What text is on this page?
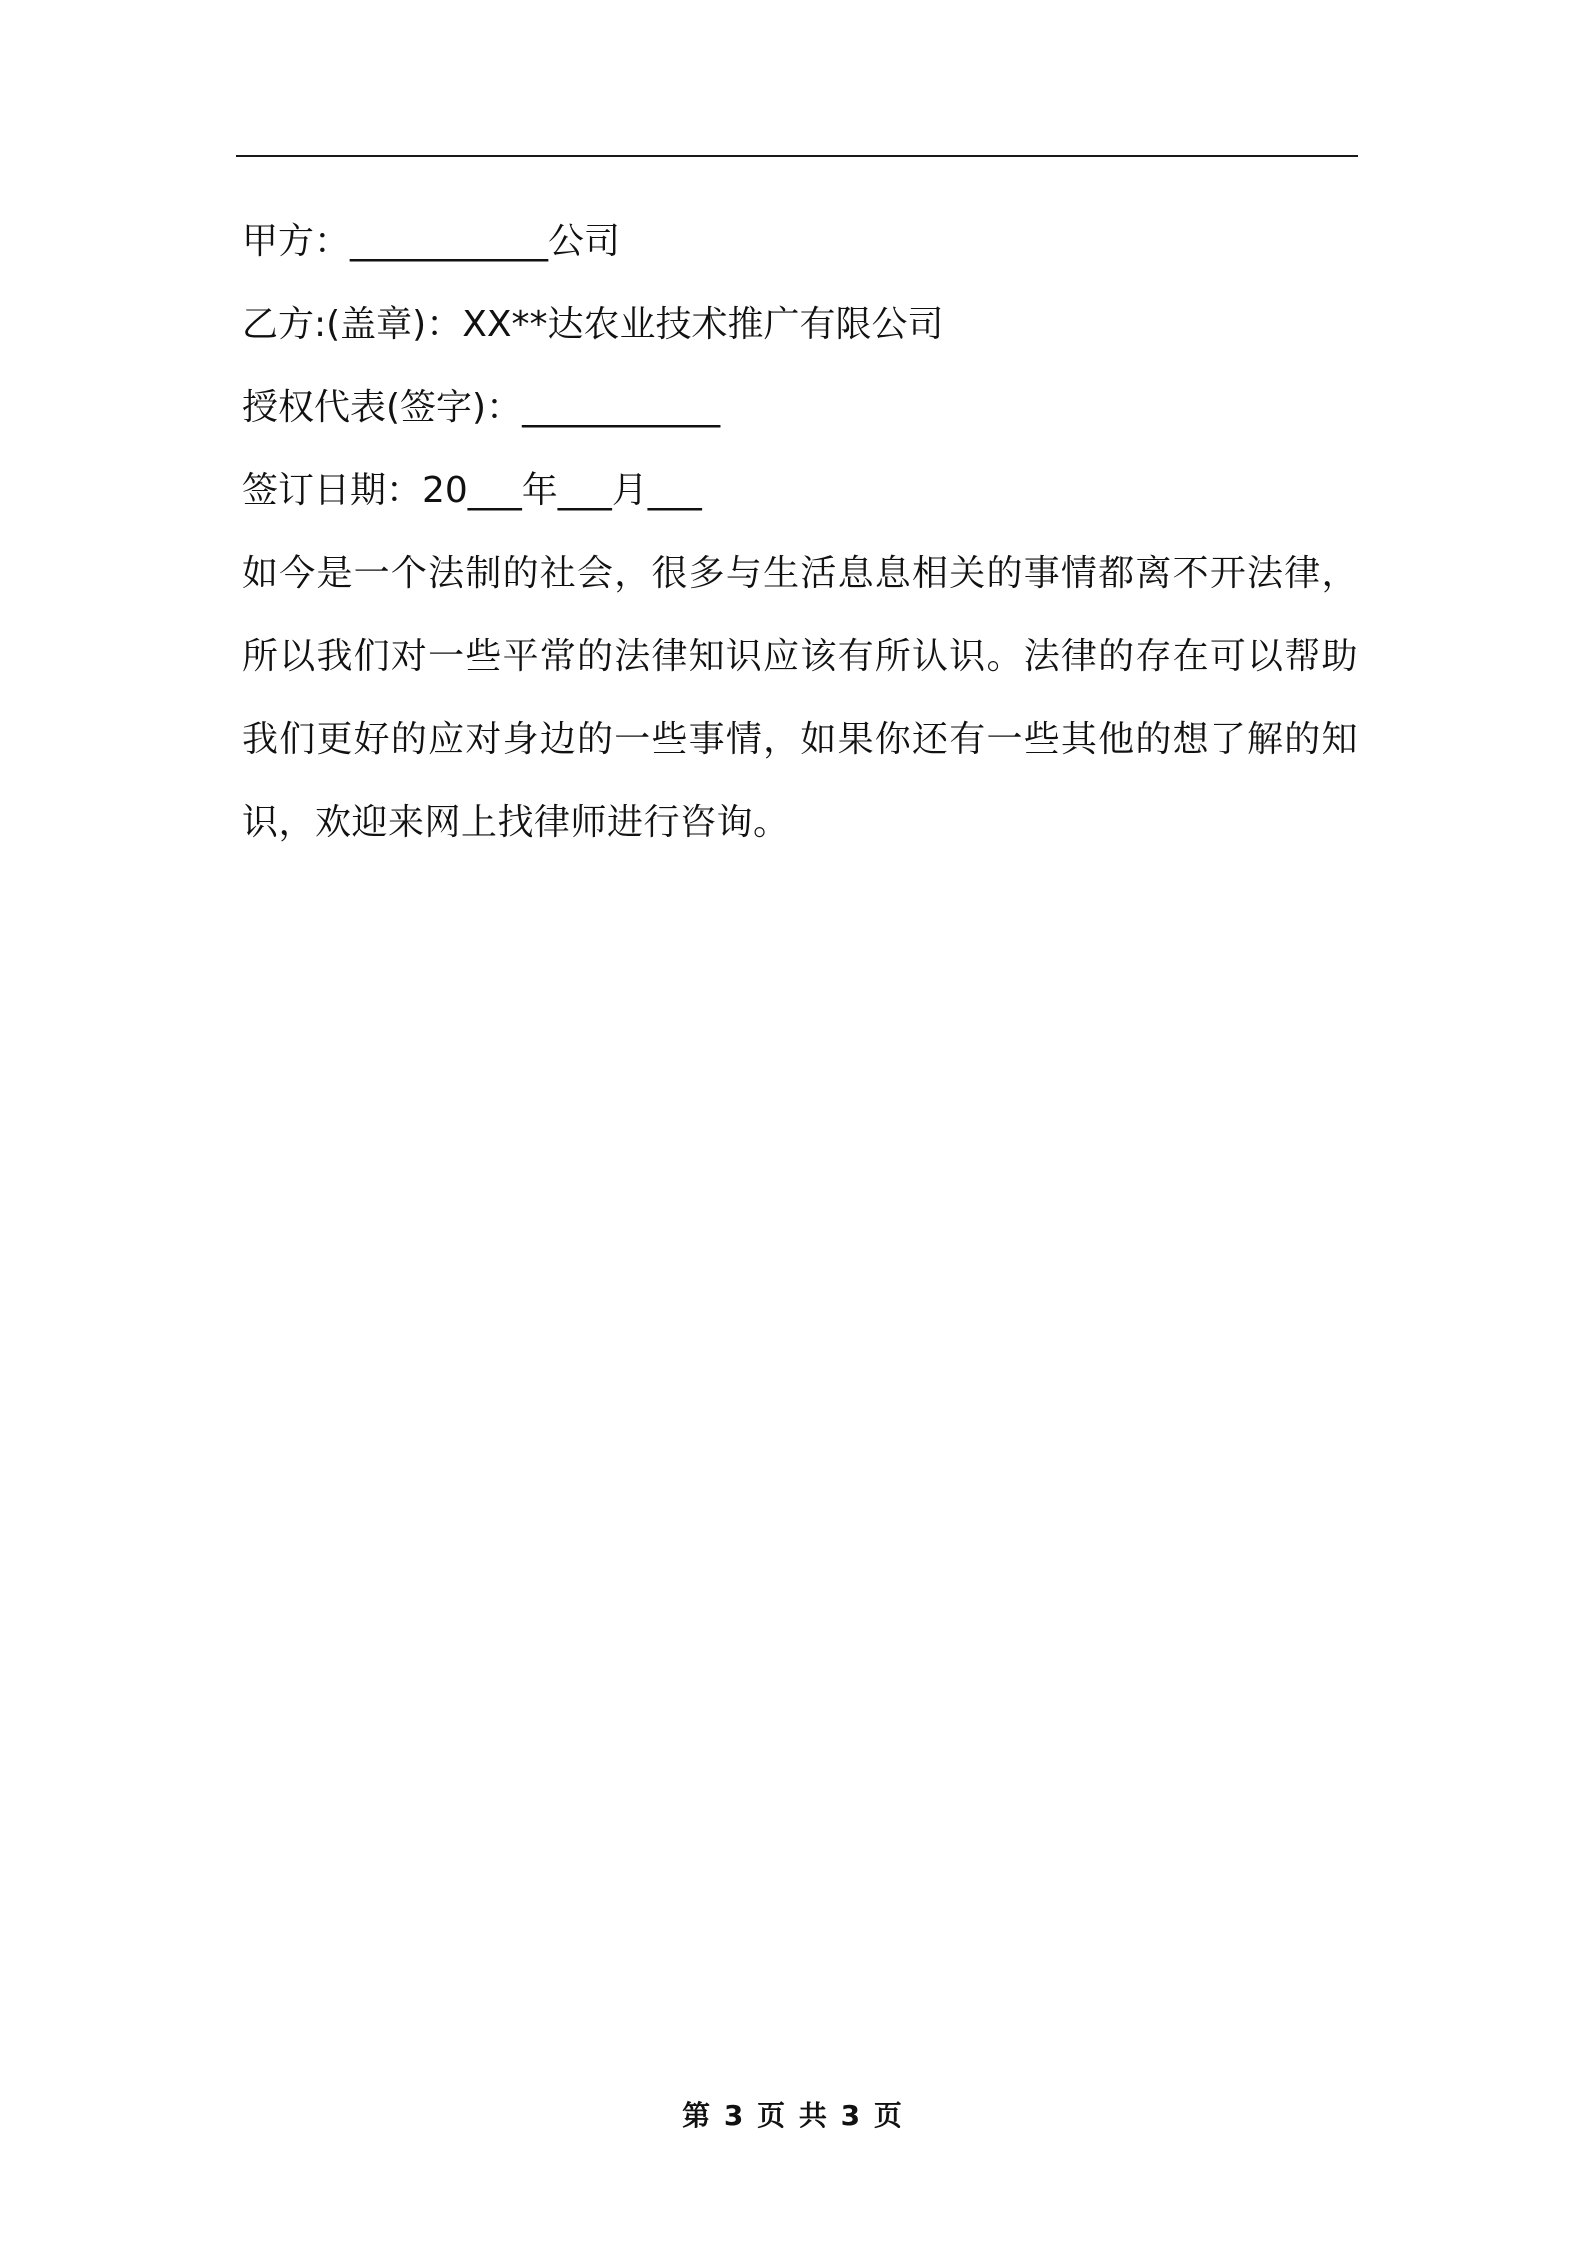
甲方：___________公司
乙方:(盖章)：XX**达农业技术推广有限公司
授权代表(签字)：___________
签订日期：20___年___月___

如今是一个法制的社会，很多与生活息息相关的事情都离不开法律，所以我们对一些平常的法律知识应该有所认识。法律的存在可以帮助我们更好的应对身边的一些事情，如果你还有一些其他的想了解的知识，欢迎来网上找律师进行咨询。

第 3 页 共 3 页
